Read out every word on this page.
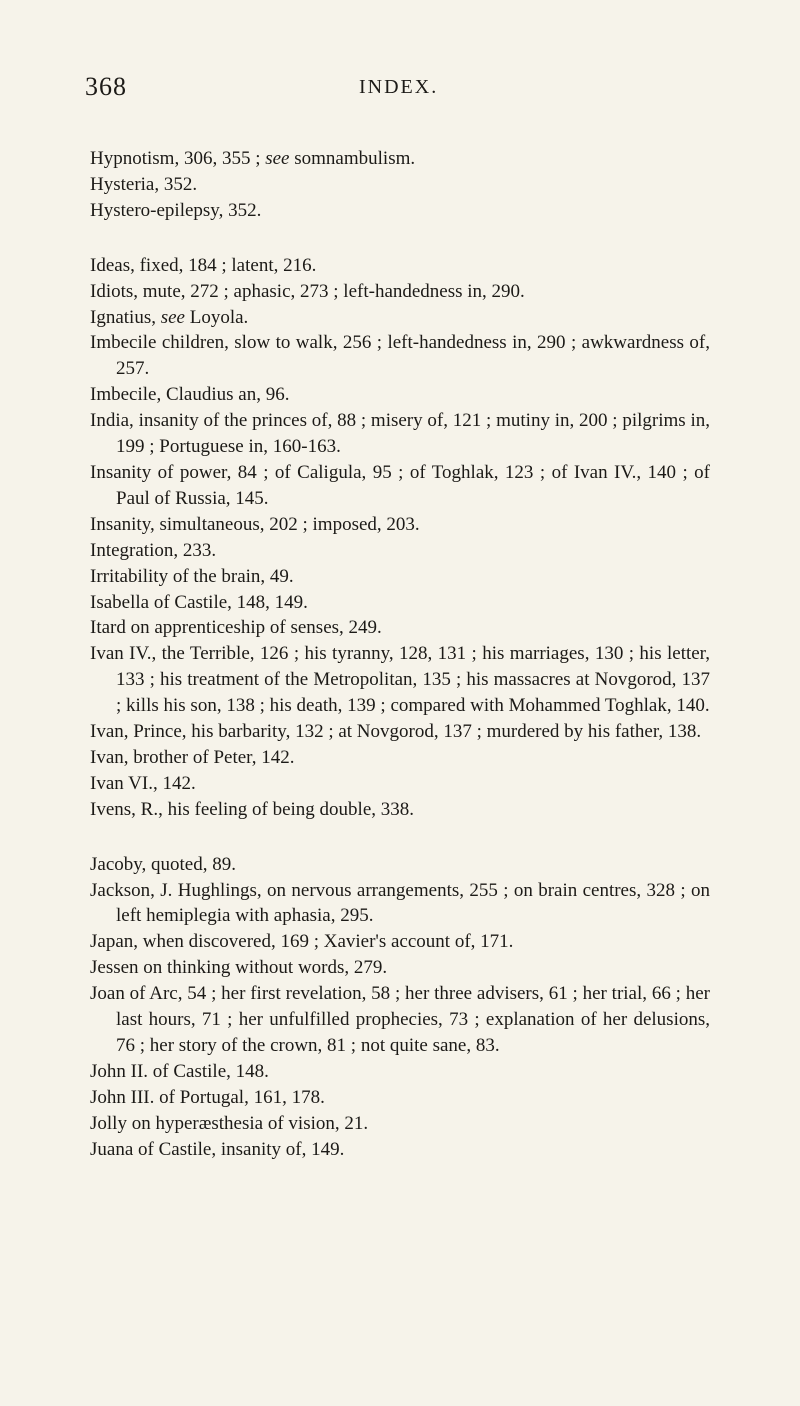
368	INDEX.

Hypnotism, 306, 355 ; see somnambulism.

Hysteria, 352.

Hystero-epilepsy, 352.

Ideas, fixed, 184 ; latent, 216.

Idiots, mute, 272 ; aphasic, 273 ; left-handedness in, 290.

Ignatius, see Loyola.

Imbecile children, slow to walk, 256 ; left-handedness in, 290 ; awkwardness of, 257.

Imbecile, Claudius an, 96.

India, insanity of the princes of, 88 ; misery of, 121 ; mutiny in, 200 ; pilgrims in, 199 ; Portuguese in, 160-163.

Insanity of power, 84 ; of Caligula, 95 ; of Toghlak, 123 ; of Ivan IV., 140 ; of Paul of Russia, 145.

Insanity, simultaneous, 202 ; imposed, 203.

Integration, 233.

Irritability of the brain, 49.

Isabella of Castile, 148, 149.

Itard on apprenticeship of senses, 249.

Ivan IV., the Terrible, 126 ; his tyranny, 128, 131 ; his marriages, 130 ; his letter, 133 ; his treatment of the Metropolitan, 135 ; his massacres at Novgorod, 137 ; kills his son, 138 ; his death, 139 ; compared with Mohammed Toghlak, 140.

Ivan, Prince, his barbarity, 132 ; at Novgorod, 137 ; murdered by his father, 138.

Ivan, brother of Peter, 142.

Ivan VI., 142.

Ivens, R., his feeling of being double, 338.

Jacoby, quoted, 89.

Jackson, J. Hughlings, on nervous arrangements, 255 ; on brain centres, 328 ; on left hemiplegia with aphasia, 295.

Japan, when discovered, 169 ; Xavier's account of, 171.

Jessen on thinking without words, 279.

Joan of Arc, 54 ; her first revelation, 58 ; her three advisers, 61 ; her trial, 66 ; her last hours, 71 ; her unfulfilled prophecies, 73 ; explanation of her delusions, 76 ; her story of the crown, 81 ; not quite sane, 83.

John II. of Castile, 148.

John III. of Portugal, 161, 178.

Jolly on hyperæsthesia of vision, 21.

Juana of Castile, insanity of, 149.
